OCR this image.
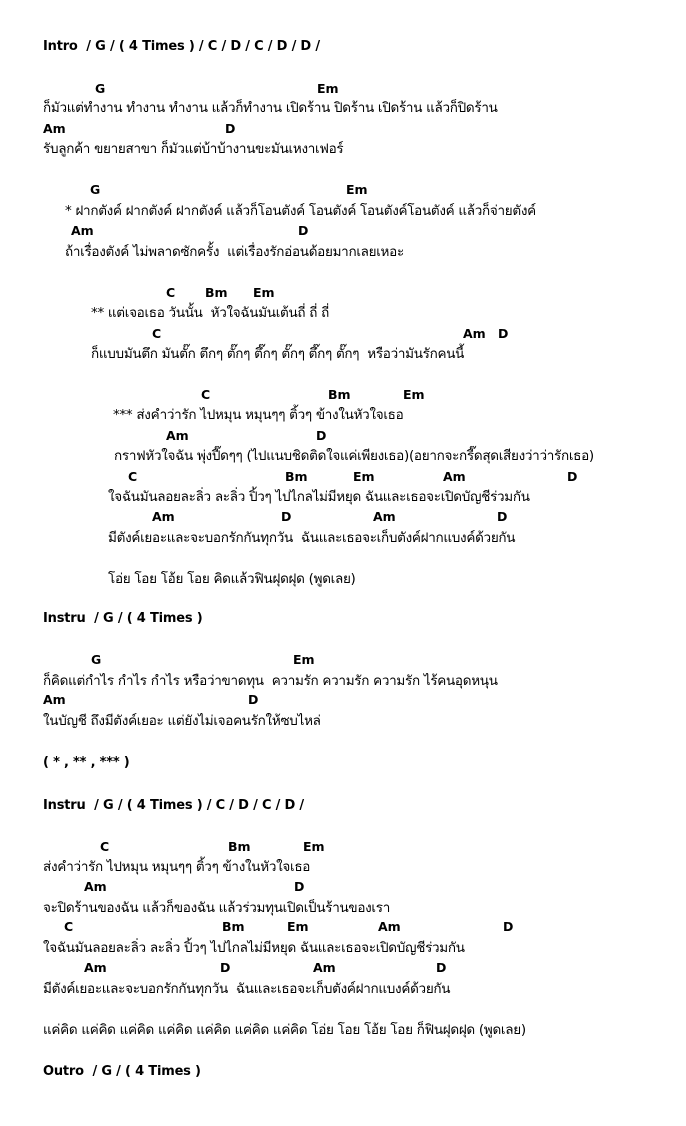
Intro  / G / ( 4 Times ) / C / D / C / D / D /

G

	Em

ก็มัวแต่ทำงาน ทำงาน ทำงาน แล้วก็ทำงาน เปิดร้าน ปิดร้าน เปิดร้าน แล้วก็ปิดร้าน

Am

	D

รับลูกค้า ขยายสาขา ก็มัวแต่บ้าบ้างานขะมันเหงาเฟอร์

G

	Em

* ฝากตังค์ ฝากตังค์ ฝากตังค์ แล้วก็โอนตังค์ โอนตังค์ โอนตังค์โอนตังค์ แล้วก็จ่ายตังค์

Am

	D

ถ้าเรื่องตังค์ ไม่พลาดซักครั้ง  แต่เรื่องรักอ่อนด้อยมากเลยเหอะ

C

Bm

Em

** แต่เจอเธอ วันนั้น  หัวใจฉันมันเต้นถี่ ถี่ ถี่

C

	Am

D

ก็แบบมันตึก มันตั๊ก ตึกๆ ตั๊กๆ ตึ๊กๆ ตั๊กๆ ตึ๊กๆ ตั๊กๆ  หรือว่ามันรักคนนี้

C

	Bm

	Em

*** ส่งคำว่ารัก ไปหมุน หมุนๆๆ ติ้วๆ ข้างในหัวใจเธอ

Am

	D

กราฟหัวใจฉัน พุ่งปี๊ดๆๆ (ไปแนบชิดติดใจแค่เพียงเธอ)(อยากจะกรี๊ดสุดเสียงว่าว่ารักเธอ)

C

	Bm

	Em

	Am

	D

ใจฉันมันลอยละลิ่ว ละลิ่ว ปิ้วๆ ไปไกลไม่มีหยุด ฉันและเธอจะเปิดบัญชีร่วมกัน

Am

	D

	Am

	D

มีตังค์เยอะและจะบอกรักกันทุกวัน  ฉันและเธอจะเก็บตังค์ฝากแบงค์ด้วยกัน
โอ่ย โอย โอ้ย โอย คิดแล้วฟินฝุดฝุด (พูดเลย)
Instru  / G / ( 4 Times )

G

	Em

ก็คิดแต่กำไร กำไร กำไร หรือว่าขาดทุน  ความรัก ความรัก ความรัก ไร้คนอุดหนุน

Am

	D

ในบัญชี ถึงมีตังค์เยอะ แต่ยังไม่เจอคนรักให้ซบไหล่
( * , ** , *** )
Instru  / G / ( 4 Times ) / C / D / C / D /

C

	Bm

	Em

ส่งคำว่ารัก ไปหมุน หมุนๆๆ ติ้วๆ ข้างในหัวใจเธอ

Am

	D

จะปิดร้านของฉัน แล้วก็ของฉัน แล้วร่วมทุนเปิดเป็นร้านของเรา

C

	Bm

	Em

	Am

	D

ใจฉันมันลอยละลิ่ว ละลิ่ว ปิ้วๆ ไปไกลไม่มีหยุด ฉันและเธอจะเปิดบัญชีร่วมกัน

Am

	D

	Am

	D

มีตังค์เยอะและจะบอกรักกันทุกวัน  ฉันและเธอจะเก็บตังค์ฝากแบงค์ด้วยกัน
แค่คิด แค่คิด แค่คิด แค่คิด แค่คิด แค่คิด แค่คิด โอ่ย โอย โอ้ย โอย ก็ฟินฝุดฝุด (พูดเลย)
Outro  / G / ( 4 Times )
